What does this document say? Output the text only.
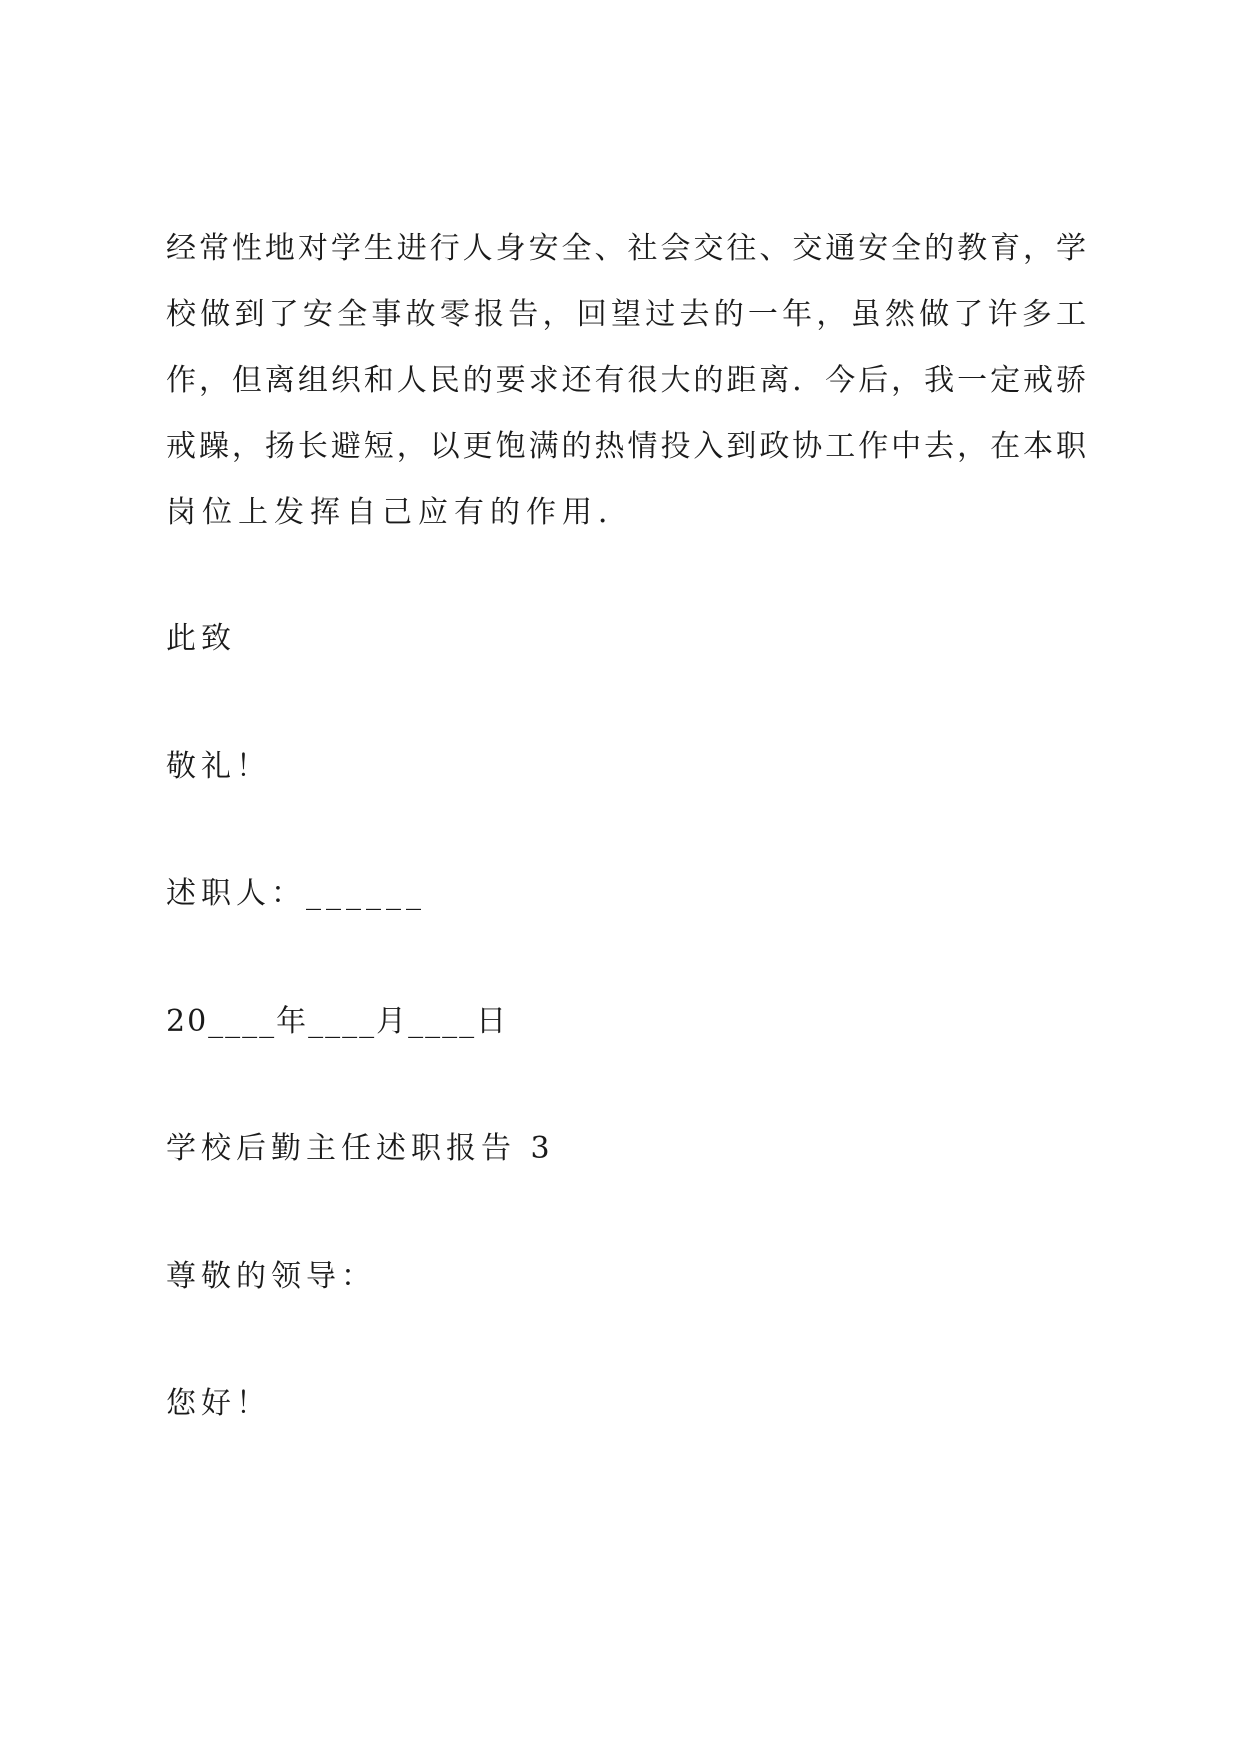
经常性地对学生进行人身安全、社会交往、交通安全的教育，学
校做到了安全事故零报告，回望过去的一年，虽然做了许多工
作，但离组织和人民的要求还有很大的距离．今后，我一定戒骄
戒躁，扬长避短，以更饱满的热情投入到政协工作中去，在本职
岗位上发挥自己应有的作用．
此致
敬礼！
述职人：______
20____年____月____日
学校后勤主任述职报告 3
尊敬的领导：
您好！
